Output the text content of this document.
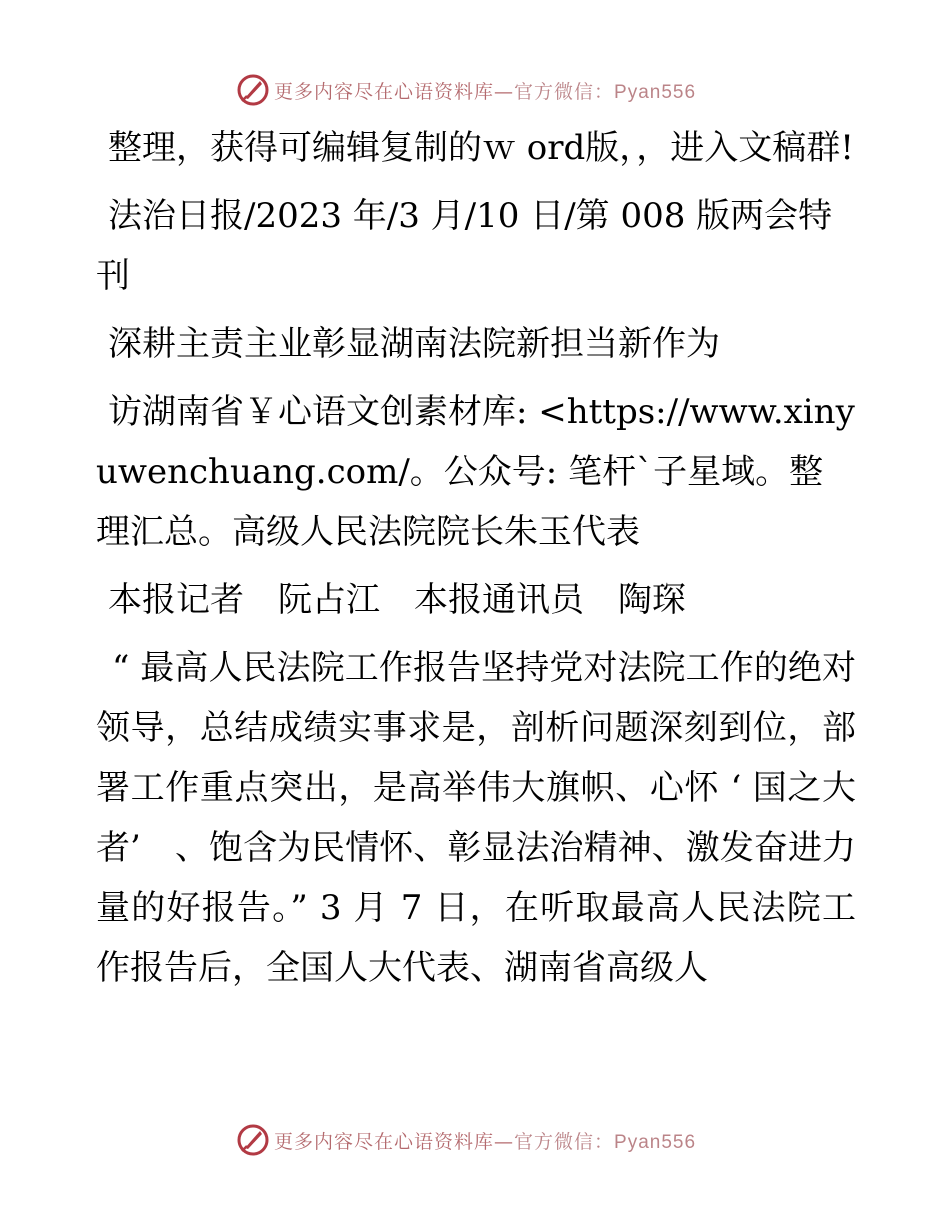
更多内容尽在心语资料库— 官方微信：Pyan556

整理，获得可编辑复制的ｗ ord版，，进入文稿群!

法治日报/2023 年/3 月/10 日/第 008 版两会特刊

深耕主责主业彰显湖南法院新担当新作为

访湖南省￥心语文创素材库: <https://www.xinyuwenchuang.com/。公众号: 笔杆`子星域。整理汇总。高级人民法院院长朱玉代表

本报记者　阮占江　本报通讯员　陶琛

“ 最高人民法院工作报告坚持党对法院工作的绝对领导，总结成绩实事求是，剖析问题深刻到位，部署工作重点突出，是高举伟大旗帜、心怀 ‘ 国之大者’　、饱含为民情怀、彰显法治精神、激发奋进力量的好报告。” 3 月 7 日，在听取最高人民法院工作报告后，全国人大代表、湖南省高级人

更多内容尽在心语资料库— 官方微信：Pyan556
